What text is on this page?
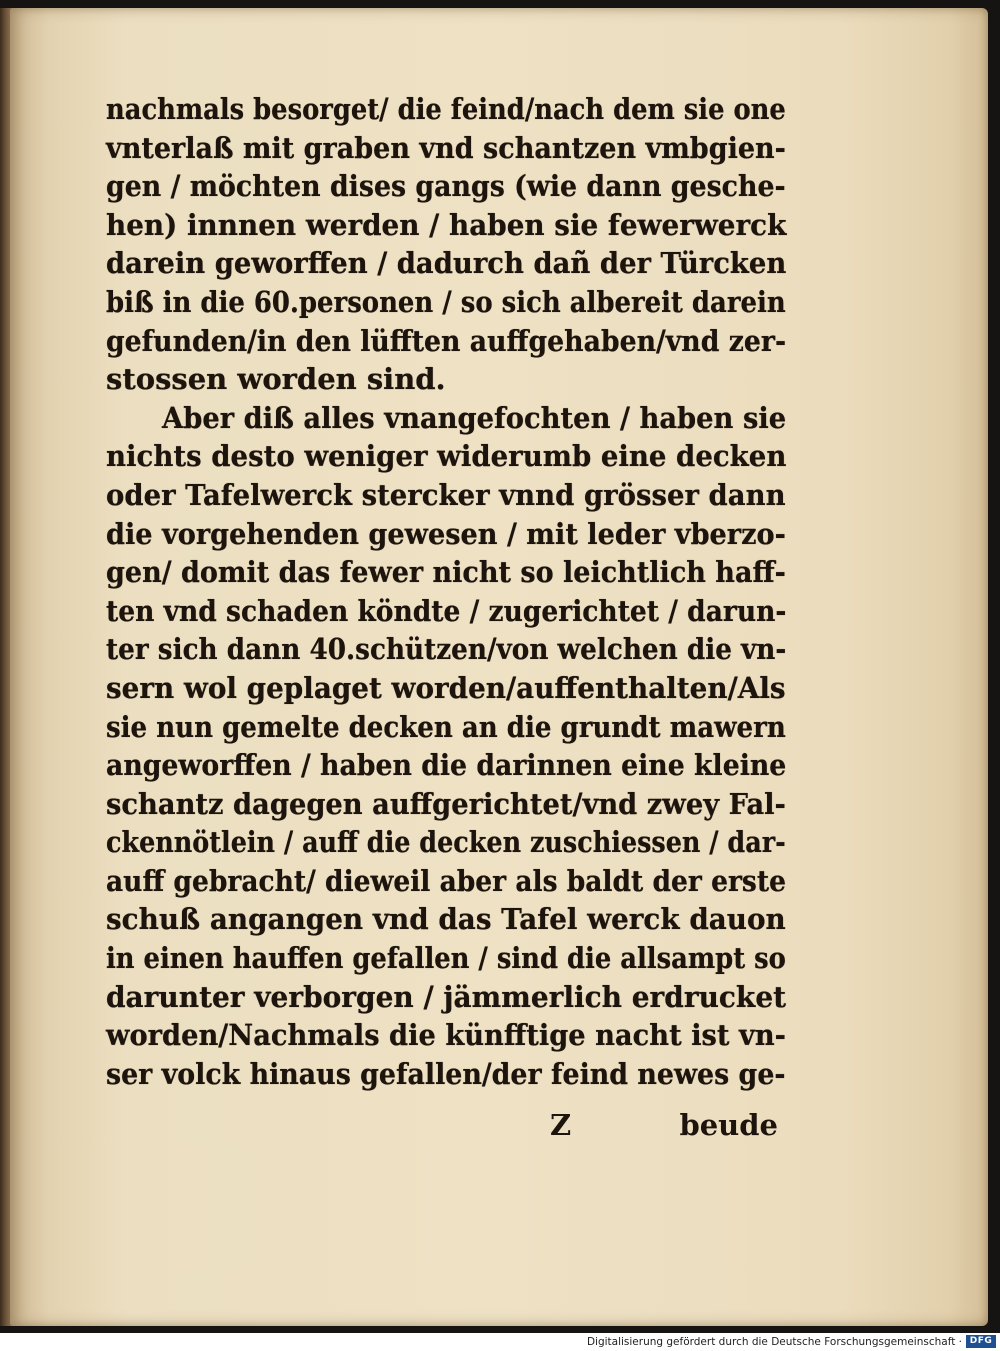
nachmals besorget/ die feind/nach dem sie one
vnterlaß mit graben vnd schantzen vmbgien-
gen / möchten dises gangs (wie dann gesche-
hen) innnen werden / haben sie fewerwerck
darein geworffen / dadurch dañ der Türcken
biß in die 60.personen / so sich albereit darein
gefunden/in den lüfften auffgehaben/vnd zer-
stossen worden sind.
Aber diß alles vnangefochten / haben sie
nichts desto weniger widerumb eine decken
oder Tafelwerck stercker vnnd grösser dann
die vorgehenden gewesen / mit leder vberzo-
gen/ domit das fewer nicht so leichtlich haff-
ten vnd schaden köndte / zugerichtet / darun-
ter sich dann 40.schützen/von welchen die vn-
sern wol geplaget worden/auffenthalten/Als
sie nun gemelte decken an die grundt mawern
angeworffen / haben die darinnen eine kleine
schantz dagegen auffgerichtet/vnd zwey Fal-
ckennötlein / auff die decken zuschiessen / dar-
auff gebracht/ dieweil aber als baldt der erste
schuß angangen vnd das Tafel werck dauon
in einen hauffen gefallen / sind die allsampt so
darunter verborgen / jämmerlich erdrucket
worden/Nachmals die künfftige nacht ist vn-
ser volck hinaus gefallen/der feind newes ge-
Z	beude
Digitalisierung gefördert durch die Deutsche Forschungsgemeinschaft · DFG
